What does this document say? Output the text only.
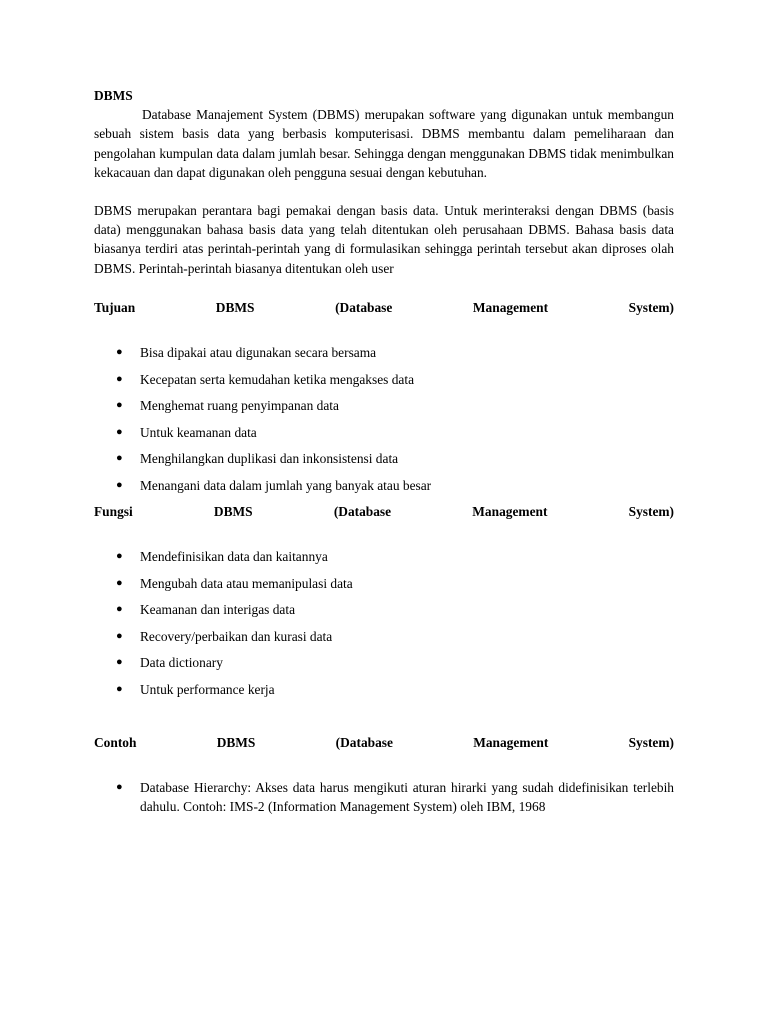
DBMS

Database Manajement System (DBMS) merupakan software yang digunakan untuk membangun sebuah sistem basis data yang berbasis komputerisasi. DBMS membantu dalam pemeliharaan dan pengolahan kumpulan data dalam jumlah besar. Sehingga dengan menggunakan DBMS tidak menimbulkan kekacauan dan dapat digunakan oleh pengguna sesuai dengan kebutuhan.

DBMS merupakan perantara bagi pemakai dengan basis data. Untuk merinteraksi dengan DBMS (basis data) menggunakan bahasa basis data yang telah ditentukan oleh perusahaan DBMS. Bahasa basis data biasanya terdiri atas perintah-perintah yang di formulasikan sehingga perintah tersebut akan diproses olah DBMS. Perintah-perintah biasanya ditentukan oleh user

Tujuan	DBMS	(Database	Management	System)
● Bisa dipakai atau digunakan secara bersama
● Kecepatan serta kemudahan ketika mengakses data
● Menghemat ruang penyimpanan data
● Untuk keamanan data
● Menghilangkan duplikasi dan inkonsistensi data
● Menangani data dalam jumlah yang banyak atau besar
Fungsi	DBMS	(Database	Management	System)
● Mendefinisikan data dan kaitannya
● Mengubah data atau memanipulasi data
● Keamanan dan interigas data
● Recovery/perbaikan dan kurasi data
● Data dictionary
● Untuk performance kerja
Contoh	DBMS	(Database	Management	System)
● Database Hierarchy: Akses data harus mengikuti aturan hirarki yang sudah didefinisikan terlebih dahulu. Contoh: IMS-2 (Information Management System) oleh IBM, 1968
